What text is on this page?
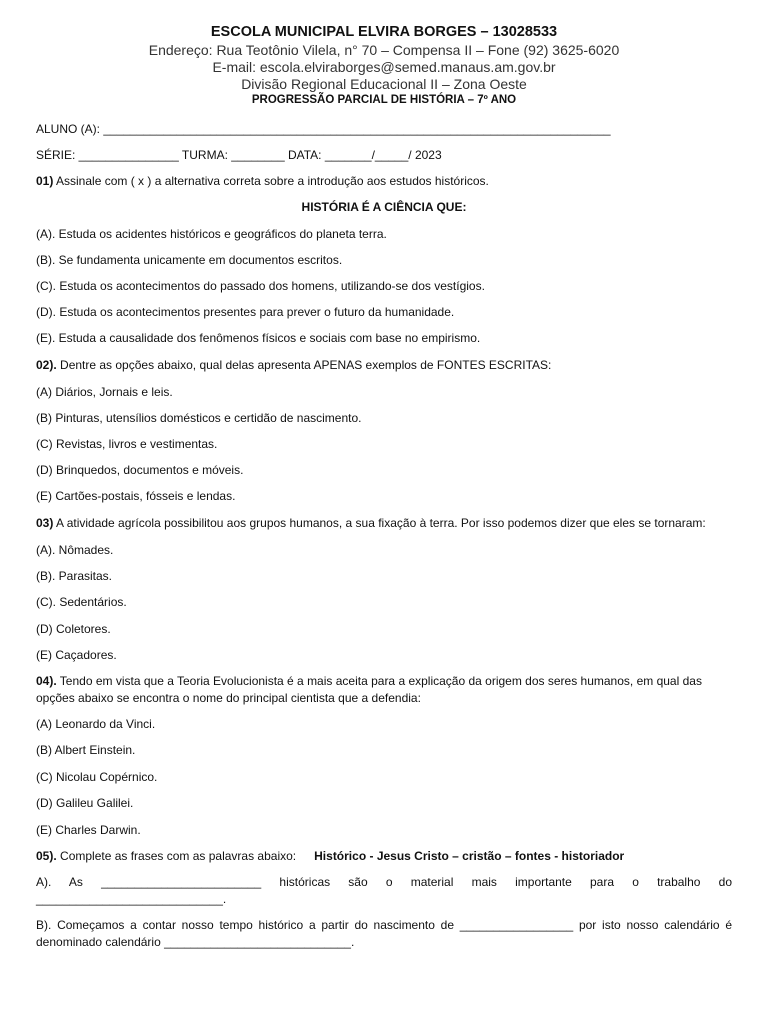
ESCOLA MUNICIPAL ELVIRA BORGES – 13028533
Endereço: Rua Teotônio Vilela, n° 70 – Compensa II – Fone (92) 3625-6020
E-mail: escola.elviraborges@semed.manaus.am.gov.br
Divisão Regional Educacional II – Zona Oeste
PROGRESSÃO PARCIAL DE HISTÓRIA – 7º ANO
ALUNO (A): ____________________________________________________________________________
SÉRIE: _______________ TURMA: ________ DATA: _______/_____/ 2023
01) Assinale com ( x ) a alternativa correta sobre a introdução aos estudos históricos.
HISTÓRIA É A CIÊNCIA QUE:
(A). Estuda os acidentes históricos e geográficos do planeta terra.
(B). Se fundamenta unicamente em documentos escritos.
(C). Estuda os acontecimentos do passado dos homens, utilizando-se dos vestígios.
(D). Estuda os acontecimentos presentes para prever o futuro da humanidade.
(E). Estuda a causalidade dos fenômenos físicos e sociais com base no empirismo.
02). Dentre as opções abaixo, qual delas apresenta APENAS exemplos de FONTES ESCRITAS:
(A) Diários, Jornais e leis.
(B) Pinturas, utensílios domésticos e certidão de nascimento.
(C) Revistas, livros e vestimentas.
(D) Brinquedos, documentos e móveis.
(E) Cartões-postais, fósseis e lendas.
03) A atividade agrícola possibilitou aos grupos humanos, a sua fixação à terra. Por isso podemos dizer que eles se tornaram:
(A). Nômades.
(B). Parasitas.
(C). Sedentários.
(D) Coletores.
(E) Caçadores.
04). Tendo em vista que a Teoria Evolucionista é a mais aceita para a explicação da origem dos seres humanos, em qual das opções abaixo se encontra o nome do principal cientista que a defendia:
(A) Leonardo da Vinci.
(B) Albert Einstein.
(C) Nicolau Copérnico.
(D) Galileu Galilei.
(E) Charles Darwin.
05). Complete as frases com as palavras abaixo: Histórico - Jesus Cristo – cristão – fontes - historiador
A). As ________________________ históricas são o material mais importante para o trabalho do
____________________________.
B). Começamos a contar nosso tempo histórico a partir do nascimento de _________________ por isto nosso calendário é
denominado calendário ____________________________.
